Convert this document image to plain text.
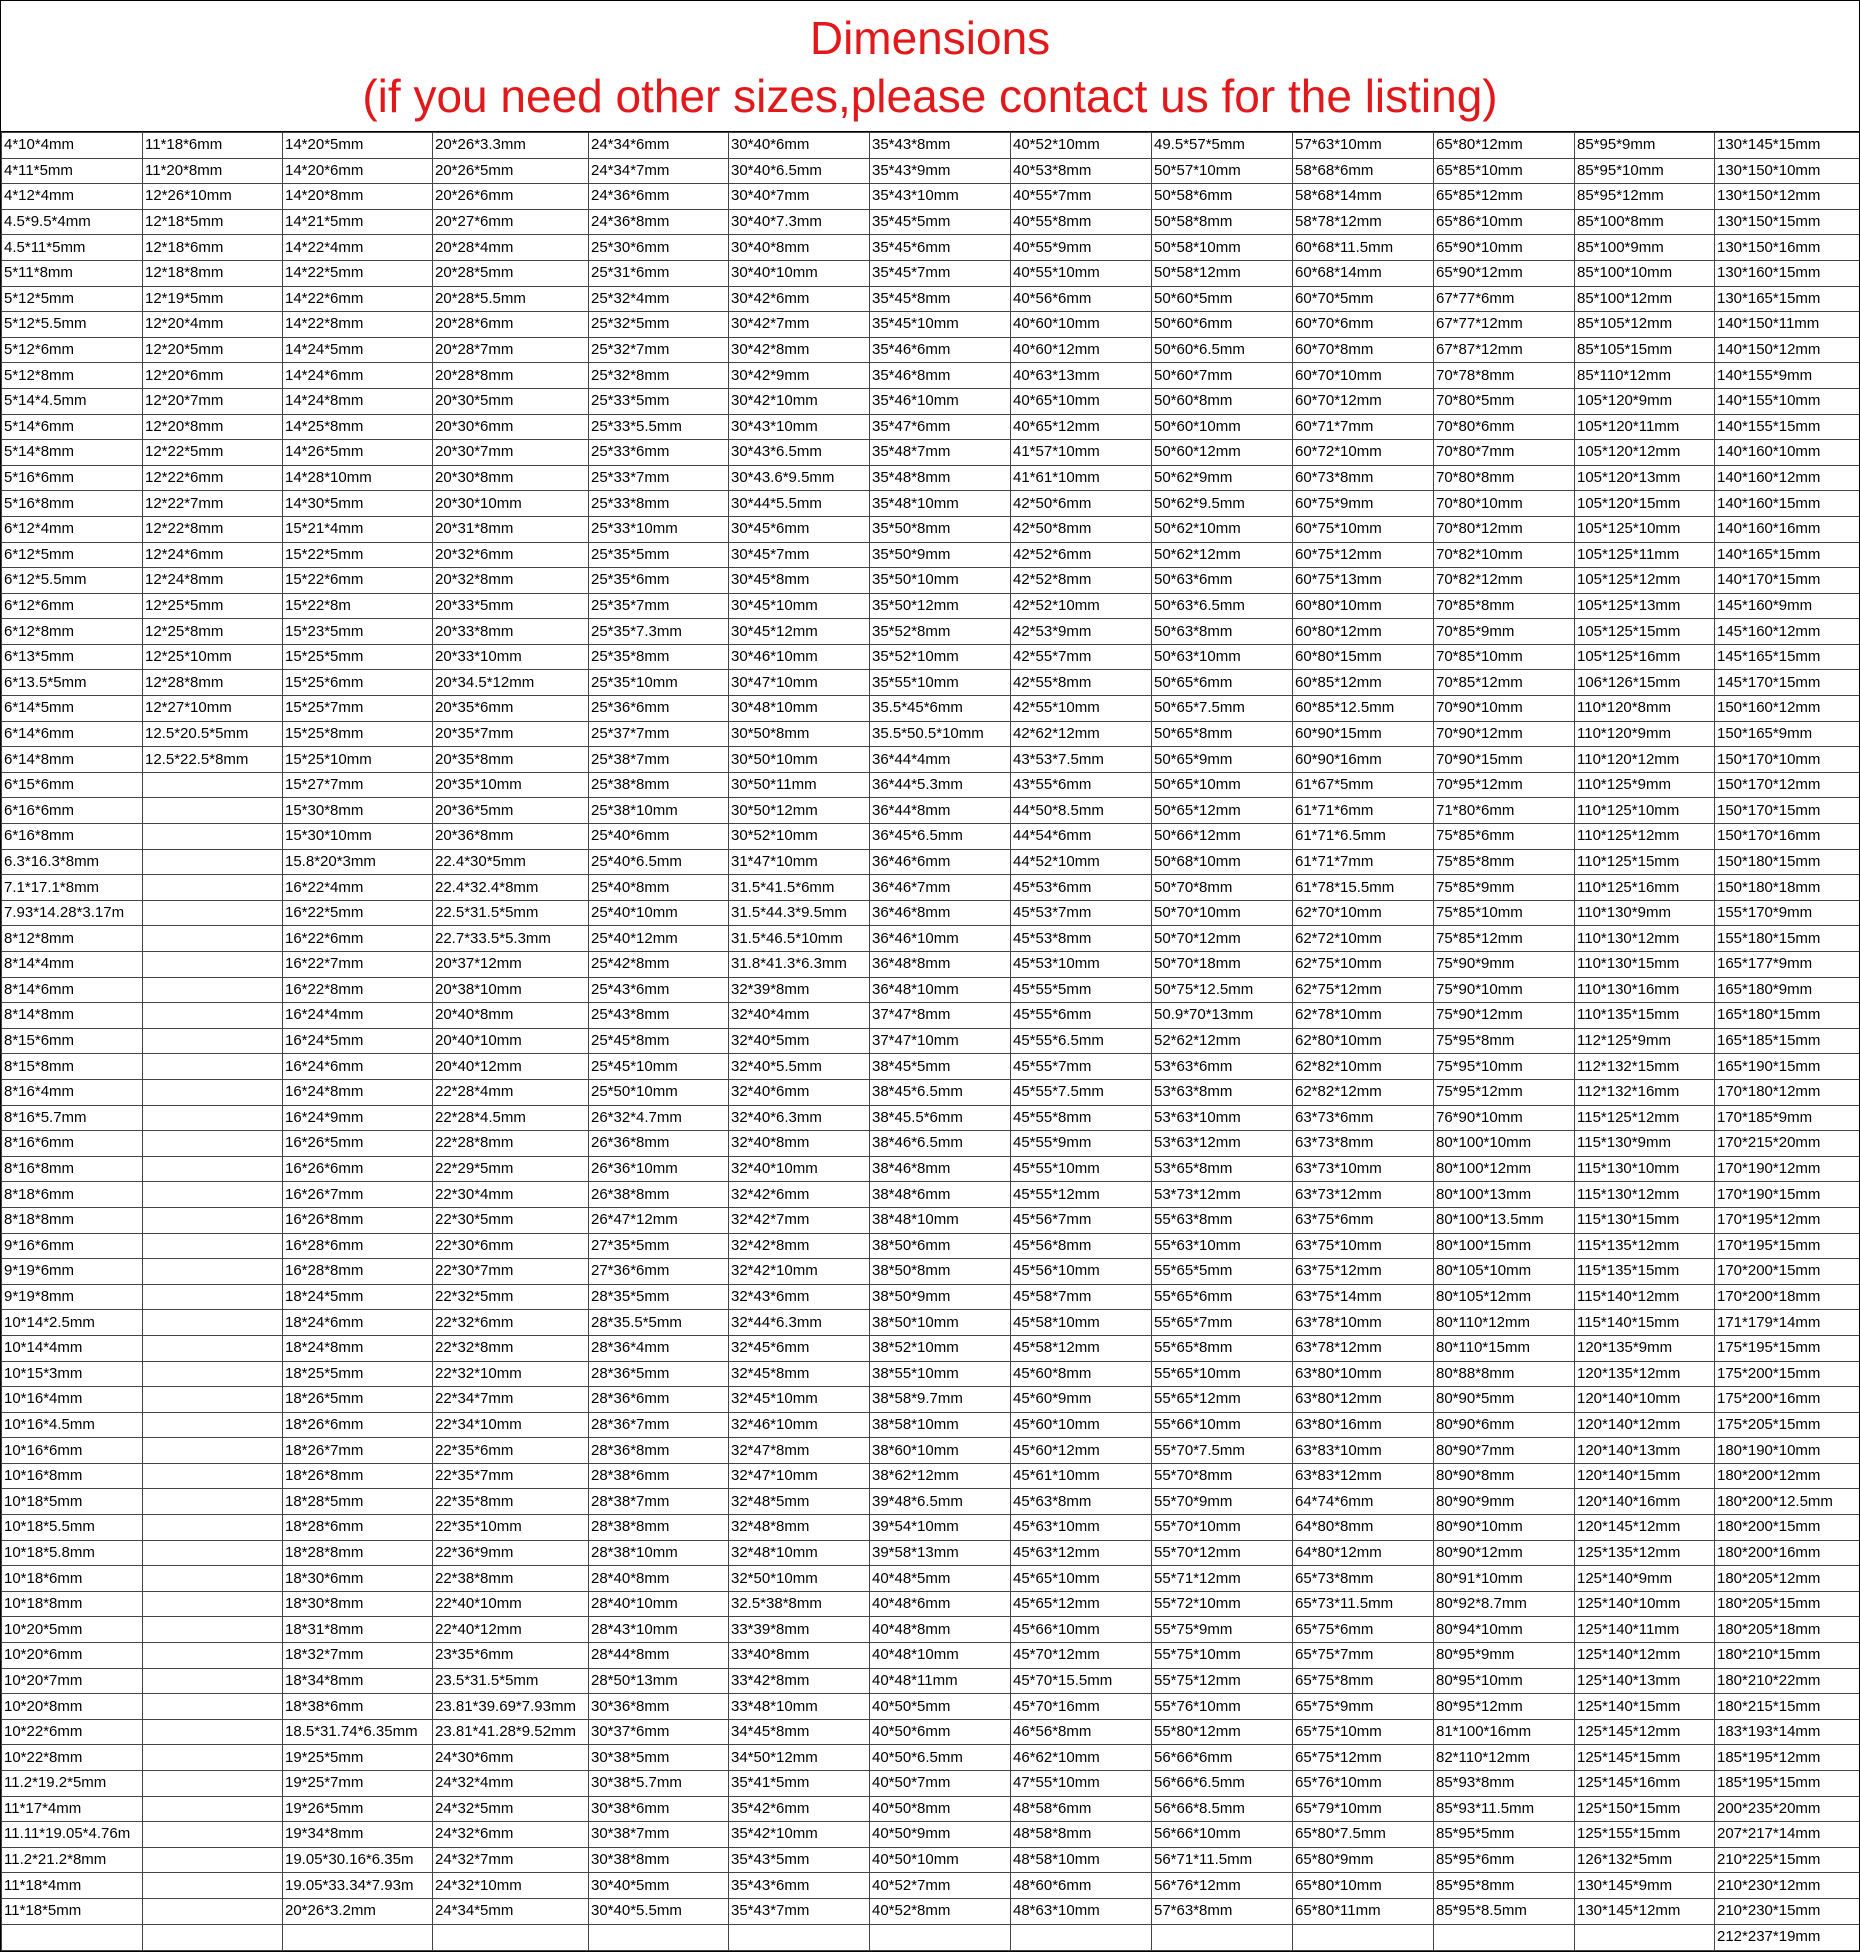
Dimensions
(if you need other sizes,please contact us for the listing)
4*10*4mm	11*18*6mm	14*20*5mm	20*26*3.3mm	24*34*6mm	30*40*6mm	35*43*8mm	40*52*10mm	49.5*57*5mm	57*63*10mm	65*80*12mm	85*95*9mm	130*145*15mm
4*11*5mm	11*20*8mm	14*20*6mm	20*26*5mm	24*34*7mm	30*40*6.5mm	35*43*9mm	40*53*8mm	50*57*10mm	58*68*6mm	65*85*10mm	85*95*10mm	130*150*10mm
4*12*4mm	12*26*10mm	14*20*8mm	20*26*6mm	24*36*6mm	30*40*7mm	35*43*10mm	40*55*7mm	50*58*6mm	58*68*14mm	65*85*12mm	85*95*12mm	130*150*12mm
4.5*9.5*4mm	12*18*5mm	14*21*5mm	20*27*6mm	24*36*8mm	30*40*7.3mm	35*45*5mm	40*55*8mm	50*58*8mm	58*78*12mm	65*86*10mm	85*100*8mm	130*150*15mm
4.5*11*5mm	12*18*6mm	14*22*4mm	20*28*4mm	25*30*6mm	30*40*8mm	35*45*6mm	40*55*9mm	50*58*10mm	60*68*11.5mm	65*90*10mm	85*100*9mm	130*150*16mm
5*11*8mm	12*18*8mm	14*22*5mm	20*28*5mm	25*31*6mm	30*40*10mm	35*45*7mm	40*55*10mm	50*58*12mm	60*68*14mm	65*90*12mm	85*100*10mm	130*160*15mm
5*12*5mm	12*19*5mm	14*22*6mm	20*28*5.5mm	25*32*4mm	30*42*6mm	35*45*8mm	40*56*6mm	50*60*5mm	60*70*5mm	67*77*6mm	85*100*12mm	130*165*15mm
5*12*5.5mm	12*20*4mm	14*22*8mm	20*28*6mm	25*32*5mm	30*42*7mm	35*45*10mm	40*60*10mm	50*60*6mm	60*70*6mm	67*77*12mm	85*105*12mm	140*150*11mm
5*12*6mm	12*20*5mm	14*24*5mm	20*28*7mm	25*32*7mm	30*42*8mm	35*46*6mm	40*60*12mm	50*60*6.5mm	60*70*8mm	67*87*12mm	85*105*15mm	140*150*12mm
5*12*8mm	12*20*6mm	14*24*6mm	20*28*8mm	25*32*8mm	30*42*9mm	35*46*8mm	40*63*13mm	50*60*7mm	60*70*10mm	70*78*8mm	85*110*12mm	140*155*9mm
5*14*4.5mm	12*20*7mm	14*24*8mm	20*30*5mm	25*33*5mm	30*42*10mm	35*46*10mm	40*65*10mm	50*60*8mm	60*70*12mm	70*80*5mm	105*120*9mm	140*155*10mm
5*14*6mm	12*20*8mm	14*25*8mm	20*30*6mm	25*33*5.5mm	30*43*10mm	35*47*6mm	40*65*12mm	50*60*10mm	60*71*7mm	70*80*6mm	105*120*11mm	140*155*15mm
5*14*8mm	12*22*5mm	14*26*5mm	20*30*7mm	25*33*6mm	30*43*6.5mm	35*48*7mm	41*57*10mm	50*60*12mm	60*72*10mm	70*80*7mm	105*120*12mm	140*160*10mm
5*16*6mm	12*22*6mm	14*28*10mm	20*30*8mm	25*33*7mm	30*43.6*9.5mm	35*48*8mm	41*61*10mm	50*62*9mm	60*73*8mm	70*80*8mm	105*120*13mm	140*160*12mm
5*16*8mm	12*22*7mm	14*30*5mm	20*30*10mm	25*33*8mm	30*44*5.5mm	35*48*10mm	42*50*6mm	50*62*9.5mm	60*75*9mm	70*80*10mm	105*120*15mm	140*160*15mm
6*12*4mm	12*22*8mm	15*21*4mm	20*31*8mm	25*33*10mm	30*45*6mm	35*50*8mm	42*50*8mm	50*62*10mm	60*75*10mm	70*80*12mm	105*125*10mm	140*160*16mm
6*12*5mm	12*24*6mm	15*22*5mm	20*32*6mm	25*35*5mm	30*45*7mm	35*50*9mm	42*52*6mm	50*62*12mm	60*75*12mm	70*82*10mm	105*125*11mm	140*165*15mm
6*12*5.5mm	12*24*8mm	15*22*6mm	20*32*8mm	25*35*6mm	30*45*8mm	35*50*10mm	42*52*8mm	50*63*6mm	60*75*13mm	70*82*12mm	105*125*12mm	140*170*15mm
6*12*6mm	12*25*5mm	15*22*8m	20*33*5mm	25*35*7mm	30*45*10mm	35*50*12mm	42*52*10mm	50*63*6.5mm	60*80*10mm	70*85*8mm	105*125*13mm	145*160*9mm
6*12*8mm	12*25*8mm	15*23*5mm	20*33*8mm	25*35*7.3mm	30*45*12mm	35*52*8mm	42*53*9mm	50*63*8mm	60*80*12mm	70*85*9mm	105*125*15mm	145*160*12mm
6*13*5mm	12*25*10mm	15*25*5mm	20*33*10mm	25*35*8mm	30*46*10mm	35*52*10mm	42*55*7mm	50*63*10mm	60*80*15mm	70*85*10mm	105*125*16mm	145*165*15mm
6*13.5*5mm	12*28*8mm	15*25*6mm	20*34.5*12mm	25*35*10mm	30*47*10mm	35*55*10mm	42*55*8mm	50*65*6mm	60*85*12mm	70*85*12mm	106*126*15mm	145*170*15mm
6*14*5mm	12*27*10mm	15*25*7mm	20*35*6mm	25*36*6mm	30*48*10mm	35.5*45*6mm	42*55*10mm	50*65*7.5mm	60*85*12.5mm	70*90*10mm	110*120*8mm	150*160*12mm
6*14*6mm	12.5*20.5*5mm	15*25*8mm	20*35*7mm	25*37*7mm	30*50*8mm	35.5*50.5*10mm	42*62*12mm	50*65*8mm	60*90*15mm	70*90*12mm	110*120*9mm	150*165*9mm
6*14*8mm	12.5*22.5*8mm	15*25*10mm	20*35*8mm	25*38*7mm	30*50*10mm	36*44*4mm	43*53*7.5mm	50*65*9mm	60*90*16mm	70*90*15mm	110*120*12mm	150*170*10mm
6*15*6mm		15*27*7mm	20*35*10mm	25*38*8mm	30*50*11mm	36*44*5.3mm	43*55*6mm	50*65*10mm	61*67*5mm	70*95*12mm	110*125*9mm	150*170*12mm
6*16*6mm		15*30*8mm	20*36*5mm	25*38*10mm	30*50*12mm	36*44*8mm	44*50*8.5mm	50*65*12mm	61*71*6mm	71*80*6mm	110*125*10mm	150*170*15mm
6*16*8mm		15*30*10mm	20*36*8mm	25*40*6mm	30*52*10mm	36*45*6.5mm	44*54*6mm	50*66*12mm	61*71*6.5mm	75*85*6mm	110*125*12mm	150*170*16mm
6.3*16.3*8mm		15.8*20*3mm	22.4*30*5mm	25*40*6.5mm	31*47*10mm	36*46*6mm	44*52*10mm	50*68*10mm	61*71*7mm	75*85*8mm	110*125*15mm	150*180*15mm
7.1*17.1*8mm		16*22*4mm	22.4*32.4*8mm	25*40*8mm	31.5*41.5*6mm	36*46*7mm	45*53*6mm	50*70*8mm	61*78*15.5mm	75*85*9mm	110*125*16mm	150*180*18mm
7.93*14.28*3.17m		16*22*5mm	22.5*31.5*5mm	25*40*10mm	31.5*44.3*9.5mm	36*46*8mm	45*53*7mm	50*70*10mm	62*70*10mm	75*85*10mm	110*130*9mm	155*170*9mm
8*12*8mm		16*22*6mm	22.7*33.5*5.3mm	25*40*12mm	31.5*46.5*10mm	36*46*10mm	45*53*8mm	50*70*12mm	62*72*10mm	75*85*12mm	110*130*12mm	155*180*15mm
8*14*4mm		16*22*7mm	20*37*12mm	25*42*8mm	31.8*41.3*6.3mm	36*48*8mm	45*53*10mm	50*70*18mm	62*75*10mm	75*90*9mm	110*130*15mm	165*177*9mm
8*14*6mm		16*22*8mm	20*38*10mm	25*43*6mm	32*39*8mm	36*48*10mm	45*55*5mm	50*75*12.5mm	62*75*12mm	75*90*10mm	110*130*16mm	165*180*9mm
8*14*8mm		16*24*4mm	20*40*8mm	25*43*8mm	32*40*4mm	37*47*8mm	45*55*6mm	50.9*70*13mm	62*78*10mm	75*90*12mm	110*135*15mm	165*180*15mm
8*15*6mm		16*24*5mm	20*40*10mm	25*45*8mm	32*40*5mm	37*47*10mm	45*55*6.5mm	52*62*12mm	62*80*10mm	75*95*8mm	112*125*9mm	165*185*15mm
8*15*8mm		16*24*6mm	20*40*12mm	25*45*10mm	32*40*5.5mm	38*45*5mm	45*55*7mm	53*63*6mm	62*82*10mm	75*95*10mm	112*132*15mm	165*190*15mm
8*16*4mm		16*24*8mm	22*28*4mm	25*50*10mm	32*40*6mm	38*45*6.5mm	45*55*7.5mm	53*63*8mm	62*82*12mm	75*95*12mm	112*132*16mm	170*180*12mm
8*16*5.7mm		16*24*9mm	22*28*4.5mm	26*32*4.7mm	32*40*6.3mm	38*45.5*6mm	45*55*8mm	53*63*10mm	63*73*6mm	76*90*10mm	115*125*12mm	170*185*9mm
8*16*6mm		16*26*5mm	22*28*8mm	26*36*8mm	32*40*8mm	38*46*6.5mm	45*55*9mm	53*63*12mm	63*73*8mm	80*100*10mm	115*130*9mm	170*215*20mm
8*16*8mm		16*26*6mm	22*29*5mm	26*36*10mm	32*40*10mm	38*46*8mm	45*55*10mm	53*65*8mm	63*73*10mm	80*100*12mm	115*130*10mm	170*190*12mm
8*18*6mm		16*26*7mm	22*30*4mm	26*38*8mm	32*42*6mm	38*48*6mm	45*55*12mm	53*73*12mm	63*73*12mm	80*100*13mm	115*130*12mm	170*190*15mm
8*18*8mm		16*26*8mm	22*30*5mm	26*47*12mm	32*42*7mm	38*48*10mm	45*56*7mm	55*63*8mm	63*75*6mm	80*100*13.5mm	115*130*15mm	170*195*12mm
9*16*6mm		16*28*6mm	22*30*6mm	27*35*5mm	32*42*8mm	38*50*6mm	45*56*8mm	55*63*10mm	63*75*10mm	80*100*15mm	115*135*12mm	170*195*15mm
9*19*6mm		16*28*8mm	22*30*7mm	27*36*6mm	32*42*10mm	38*50*8mm	45*56*10mm	55*65*5mm	63*75*12mm	80*105*10mm	115*135*15mm	170*200*15mm
9*19*8mm		18*24*5mm	22*32*5mm	28*35*5mm	32*43*6mm	38*50*9mm	45*58*7mm	55*65*6mm	63*75*14mm	80*105*12mm	115*140*12mm	170*200*18mm
10*14*2.5mm		18*24*6mm	22*32*6mm	28*35.5*5mm	32*44*6.3mm	38*50*10mm	45*58*10mm	55*65*7mm	63*78*10mm	80*110*12mm	115*140*15mm	171*179*14mm
10*14*4mm		18*24*8mm	22*32*8mm	28*36*4mm	32*45*6mm	38*52*10mm	45*58*12mm	55*65*8mm	63*78*12mm	80*110*15mm	120*135*9mm	175*195*15mm
10*15*3mm		18*25*5mm	22*32*10mm	28*36*5mm	32*45*8mm	38*55*10mm	45*60*8mm	55*65*10mm	63*80*10mm	80*88*8mm	120*135*12mm	175*200*15mm
10*16*4mm		18*26*5mm	22*34*7mm	28*36*6mm	32*45*10mm	38*58*9.7mm	45*60*9mm	55*65*12mm	63*80*12mm	80*90*5mm	120*140*10mm	175*200*16mm
10*16*4.5mm		18*26*6mm	22*34*10mm	28*36*7mm	32*46*10mm	38*58*10mm	45*60*10mm	55*66*10mm	63*80*16mm	80*90*6mm	120*140*12mm	175*205*15mm
10*16*6mm		18*26*7mm	22*35*6mm	28*36*8mm	32*47*8mm	38*60*10mm	45*60*12mm	55*70*7.5mm	63*83*10mm	80*90*7mm	120*140*13mm	180*190*10mm
10*16*8mm		18*26*8mm	22*35*7mm	28*38*6mm	32*47*10mm	38*62*12mm	45*61*10mm	55*70*8mm	63*83*12mm	80*90*8mm	120*140*15mm	180*200*12mm
10*18*5mm		18*28*5mm	22*35*8mm	28*38*7mm	32*48*5mm	39*48*6.5mm	45*63*8mm	55*70*9mm	64*74*6mm	80*90*9mm	120*140*16mm	180*200*12.5mm
10*18*5.5mm		18*28*6mm	22*35*10mm	28*38*8mm	32*48*8mm	39*54*10mm	45*63*10mm	55*70*10mm	64*80*8mm	80*90*10mm	120*145*12mm	180*200*15mm
10*18*5.8mm		18*28*8mm	22*36*9mm	28*38*10mm	32*48*10mm	39*58*13mm	45*63*12mm	55*70*12mm	64*80*12mm	80*90*12mm	125*135*12mm	180*200*16mm
10*18*6mm		18*30*6mm	22*38*8mm	28*40*8mm	32*50*10mm	40*48*5mm	45*65*10mm	55*71*12mm	65*73*8mm	80*91*10mm	125*140*9mm	180*205*12mm
10*18*8mm		18*30*8mm	22*40*10mm	28*40*10mm	32.5*38*8mm	40*48*6mm	45*65*12mm	55*72*10mm	65*73*11.5mm	80*92*8.7mm	125*140*10mm	180*205*15mm
10*20*5mm		18*31*8mm	22*40*12mm	28*43*10mm	33*39*8mm	40*48*8mm	45*66*10mm	55*75*9mm	65*75*6mm	80*94*10mm	125*140*11mm	180*205*18mm
10*20*6mm		18*32*7mm	23*35*6mm	28*44*8mm	33*40*8mm	40*48*10mm	45*70*12mm	55*75*10mm	65*75*7mm	80*95*9mm	125*140*12mm	180*210*15mm
10*20*7mm		18*34*8mm	23.5*31.5*5mm	28*50*13mm	33*42*8mm	40*48*11mm	45*70*15.5mm	55*75*12mm	65*75*8mm	80*95*10mm	125*140*13mm	180*210*22mm
10*20*8mm		18*38*6mm	23.81*39.69*7.93mm	30*36*8mm	33*48*10mm	40*50*5mm	45*70*16mm	55*76*10mm	65*75*9mm	80*95*12mm	125*140*15mm	180*215*15mm
10*22*6mm		18.5*31.74*6.35mm	23.81*41.28*9.52mm	30*37*6mm	34*45*8mm	40*50*6mm	46*56*8mm	55*80*12mm	65*75*10mm	81*100*16mm	125*145*12mm	183*193*14mm
10*22*8mm		19*25*5mm	24*30*6mm	30*38*5mm	34*50*12mm	40*50*6.5mm	46*62*10mm	56*66*6mm	65*75*12mm	82*110*12mm	125*145*15mm	185*195*12mm
11.2*19.2*5mm		19*25*7mm	24*32*4mm	30*38*5.7mm	35*41*5mm	40*50*7mm	47*55*10mm	56*66*6.5mm	65*76*10mm	85*93*8mm	125*145*16mm	185*195*15mm
11*17*4mm		19*26*5mm	24*32*5mm	30*38*6mm	35*42*6mm	40*50*8mm	48*58*6mm	56*66*8.5mm	65*79*10mm	85*93*11.5mm	125*150*15mm	200*235*20mm
11.11*19.05*4.76m		19*34*8mm	24*32*6mm	30*38*7mm	35*42*10mm	40*50*9mm	48*58*8mm	56*66*10mm	65*80*7.5mm	85*95*5mm	125*155*15mm	207*217*14mm
11.2*21.2*8mm		19.05*30.16*6.35m	24*32*7mm	30*38*8mm	35*43*5mm	40*50*10mm	48*58*10mm	56*71*11.5mm	65*80*9mm	85*95*6mm	126*132*5mm	210*225*15mm
11*18*4mm		19.05*33.34*7.93m	24*32*10mm	30*40*5mm	35*43*6mm	40*52*7mm	48*60*6mm	56*76*12mm	65*80*10mm	85*95*8mm	130*145*9mm	210*230*12mm
11*18*5mm		20*26*3.2mm	24*34*5mm	30*40*5.5mm	35*43*7mm	40*52*8mm	48*63*10mm	57*63*8mm	65*80*11mm	85*95*8.5mm	130*145*12mm	210*230*15mm
												212*237*19mm
